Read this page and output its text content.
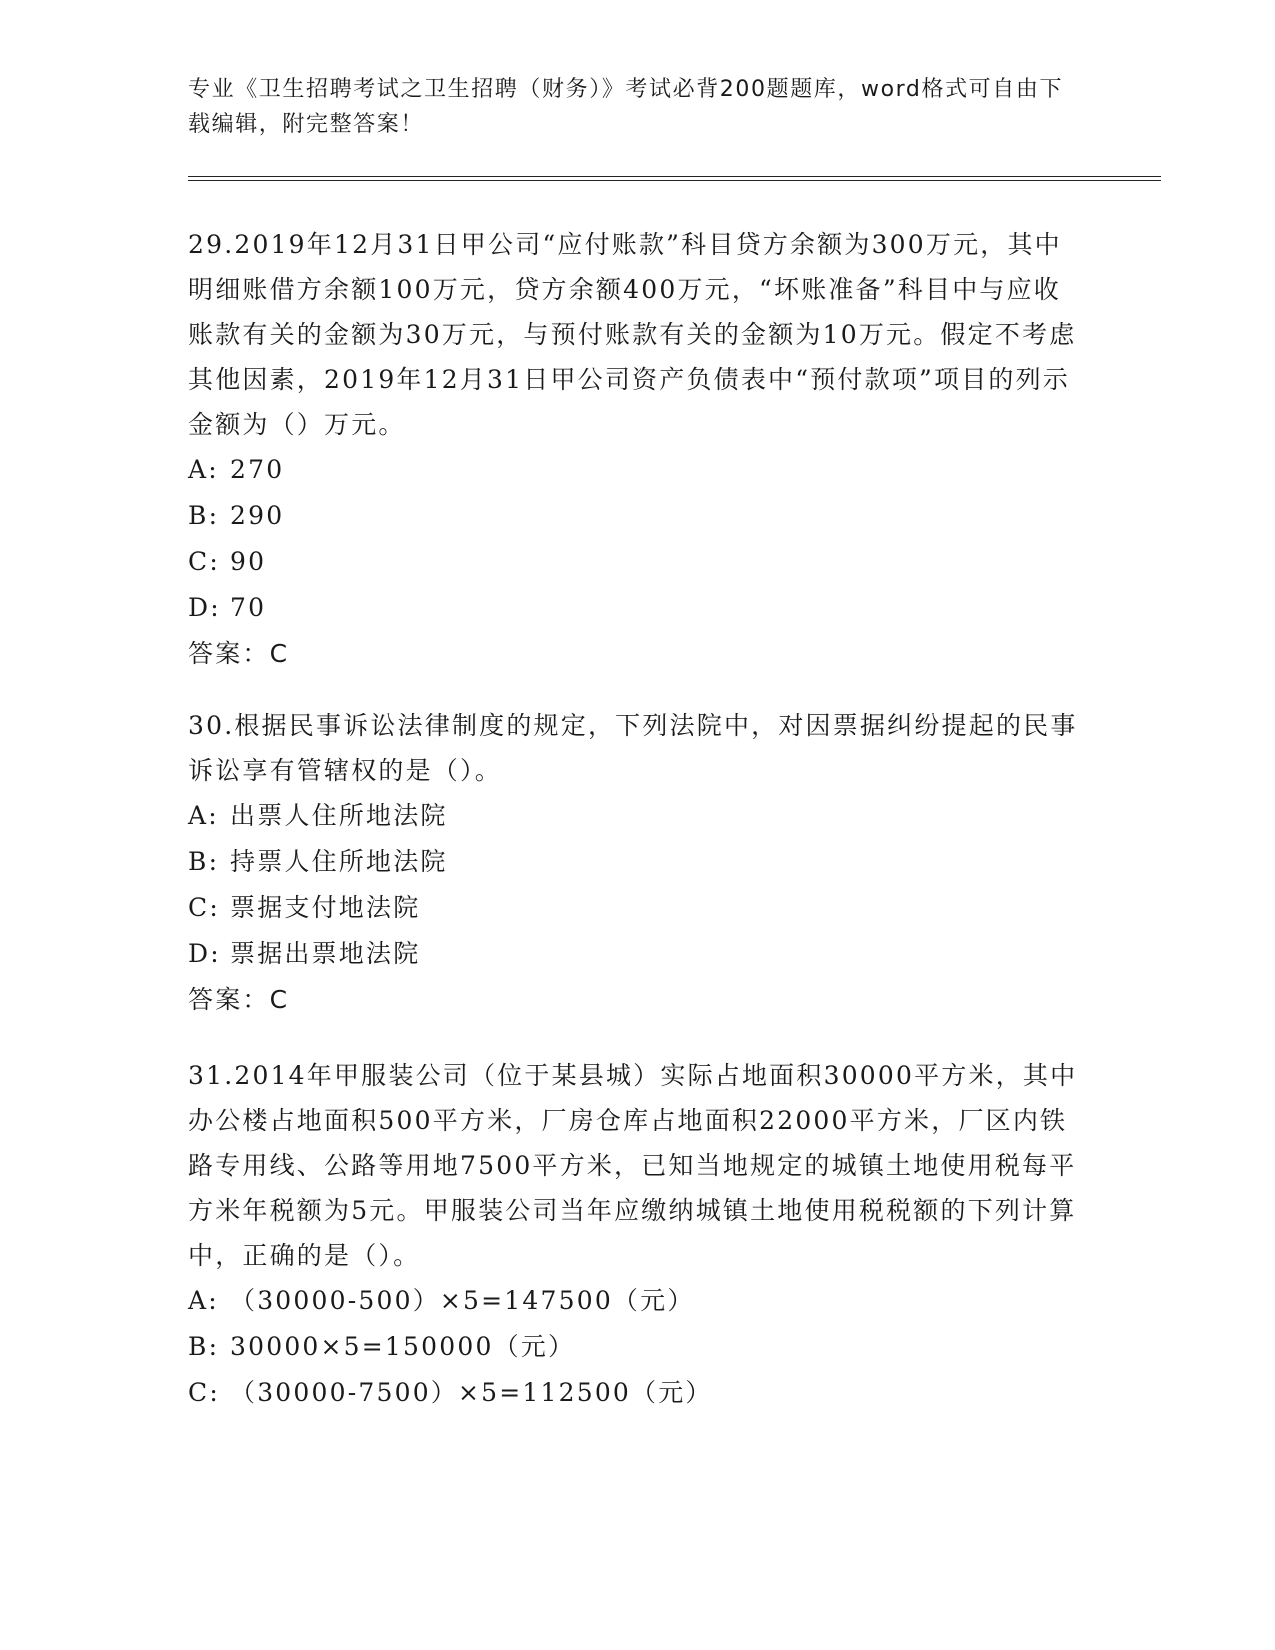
专业《卫生招聘考试之卫生招聘（财务）》考试必背200题题库，word格式可自由下载编辑，附完整答案！

29.2019年12月31日甲公司“应付账款”科目贷方余额为300万元，其中明细账借方余额100万元，贷方余额400万元，“坏账准备”科目中与应收账款有关的金额为30万元，与预付账款有关的金额为10万元。假定不考虑其他因素，2019年12月31日甲公司资产负债表中“预付款项”项目的列示金额为（）万元。

A: 270

B: 290

C: 90

D: 70

答案：C

30.根据民事诉讼法律制度的规定，下列法院中，对因票据纠纷提起的民事诉讼享有管辖权的是（）。

A: 出票人住所地法院

B: 持票人住所地法院

C: 票据支付地法院

D: 票据出票地法院

答案：C

31.2014年甲服装公司（位于某县城）实际占地面积30000平方米，其中办公楼占地面积500平方米，厂房仓库占地面积22000平方米，厂区内铁路专用线、公路等用地7500平方米，已知当地规定的城镇土地使用税每平方米年税额为5元。甲服装公司当年应缴纳城镇土地使用税税额的下列计算中，正确的是（）。

A: （30000-500）×5=147500（元）

B: 30000×5=150000（元）

C: （30000-7500）×5=112500（元）
